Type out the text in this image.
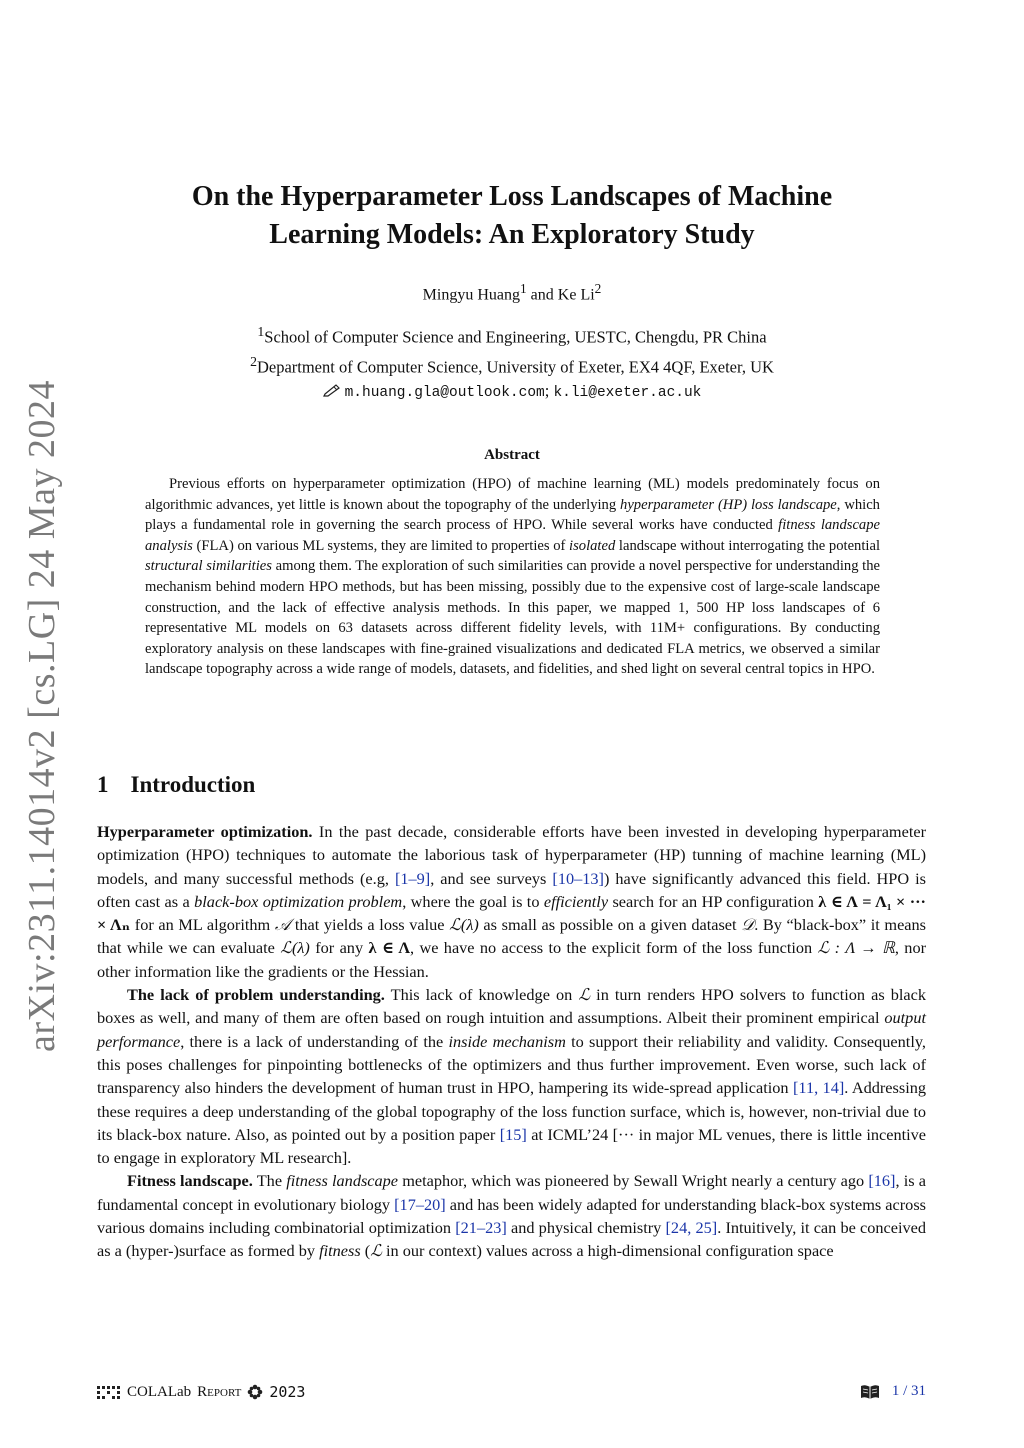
arXiv:2311.14014v2 [cs.LG] 24 May 2024
On the Hyperparameter Loss Landscapes of Machine
Learning Models: An Exploratory Study
Mingyu Huang$^1$ and Ke Li$^2$
$^1$School of Computer Science and Engineering, UESTC, Chengdu, PR China
$^2$Department of Computer Science, University of Exeter, EX4 4QF, Exeter, UK
m.huang.gla@outlook.com; k.li@exeter.ac.uk
Abstract
Previous efforts on hyperparameter optimization (HPO) of machine learning (ML) models predominately focus on algorithmic advances, yet little is known about the topography of the underlying hyperparameter (HP) loss landscape, which plays a fundamental role in governing the search process of HPO. While several works have conducted fitness landscape analysis (FLA) on various ML systems, they are limited to properties of isolated landscape without interrogating the potential structural similarities among them. The exploration of such similarities can provide a novel perspective for understanding the mechanism behind modern HPO methods, but has been missing, possibly due to the expensive cost of large-scale landscape construction, and the lack of effective analysis methods. In this paper, we mapped 1, 500 HP loss landscapes of 6 representative ML models on 63 datasets across different fidelity levels, with 11M+ configurations. By conducting exploratory analysis on these landscapes with fine-grained visualizations and dedicated FLA metrics, we observed a similar landscape topography across a wide range of models, datasets, and fidelities, and shed light on several central topics in HPO.
1 Introduction

Hyperparameter optimization. In the past decade, considerable efforts have been invested in developing hyperparameter optimization (HPO) techniques to automate the laborious task of hyperparameter (HP) tunning of machine learning (ML) models, and many successful methods (e.g, [1–9], and see surveys [10–13]) have significantly advanced this field. HPO is often cast as a black-box optimization problem, where the goal is to efficiently search for an HP configuration λ ∈ Λ = Λ₁ × ··· × Λₙ for an ML algorithm 𝒜 that yields a loss value ℒ(λ) as small as possible on a given dataset 𝒟. By “black-box” it means that while we can evaluate ℒ(λ) for any λ ∈ Λ, we have no access to the explicit form of the loss function ℒ : Λ → ℝ, nor other information like the gradients or the Hessian.

The lack of problem understanding. This lack of knowledge on ℒ in turn renders HPO solvers to function as black boxes as well, and many of them are often based on rough intuition and assumptions. Albeit their prominent empirical output performance, there is a lack of understanding of the inside mechanism to support their reliability and validity. Consequently, this poses challenges for pinpointing bottlenecks of the optimizers and thus further improvement. Even worse, such lack of transparency also hinders the development of human trust in HPO, hampering its wide-spread application [11, 14]. Addressing these requires a deep understanding of the global topography of the loss function surface, which is, however, non-trivial due to its black-box nature. Also, as pointed out by a position paper [15] at ICML’24 [··· in major ML venues, there is little incentive to engage in exploratory ML research].

Fitness landscape. The fitness landscape metaphor, which was pioneered by Sewall Wright nearly a century ago [16], is a fundamental concept in evolutionary biology [17–20] and has been widely adapted for understanding black-box systems across various domains including combinatorial optimization [21–23] and physical chemistry [24, 25]. Intuitively, it can be conceived as a (hyper-)surface as formed by fitness (ℒ in our context) values across a high-dimensional configuration space

COLALab Report 2023	1 / 31
